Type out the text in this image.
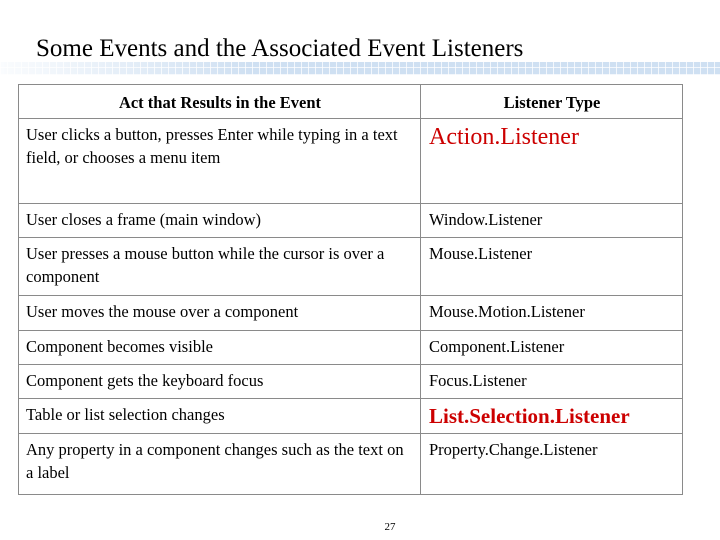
Some Events and the Associated Event Listeners
Act that Results in the Event	Listener Type
User clicks a button, presses Enter while typing in a text field, or chooses a menu item	Action.Listener
User closes a frame (main window)	Window.Listener
User presses a mouse button while the cursor is over a component	Mouse.Listener
User moves the mouse over a component	Mouse.Motion.Listener
Component becomes visible	Component.Listener
Component gets the keyboard focus	Focus.Listener
Table or list selection changes	List.Selection.Listener
Any property in a component changes such as the text on a label	Property.Change.Listener
27
